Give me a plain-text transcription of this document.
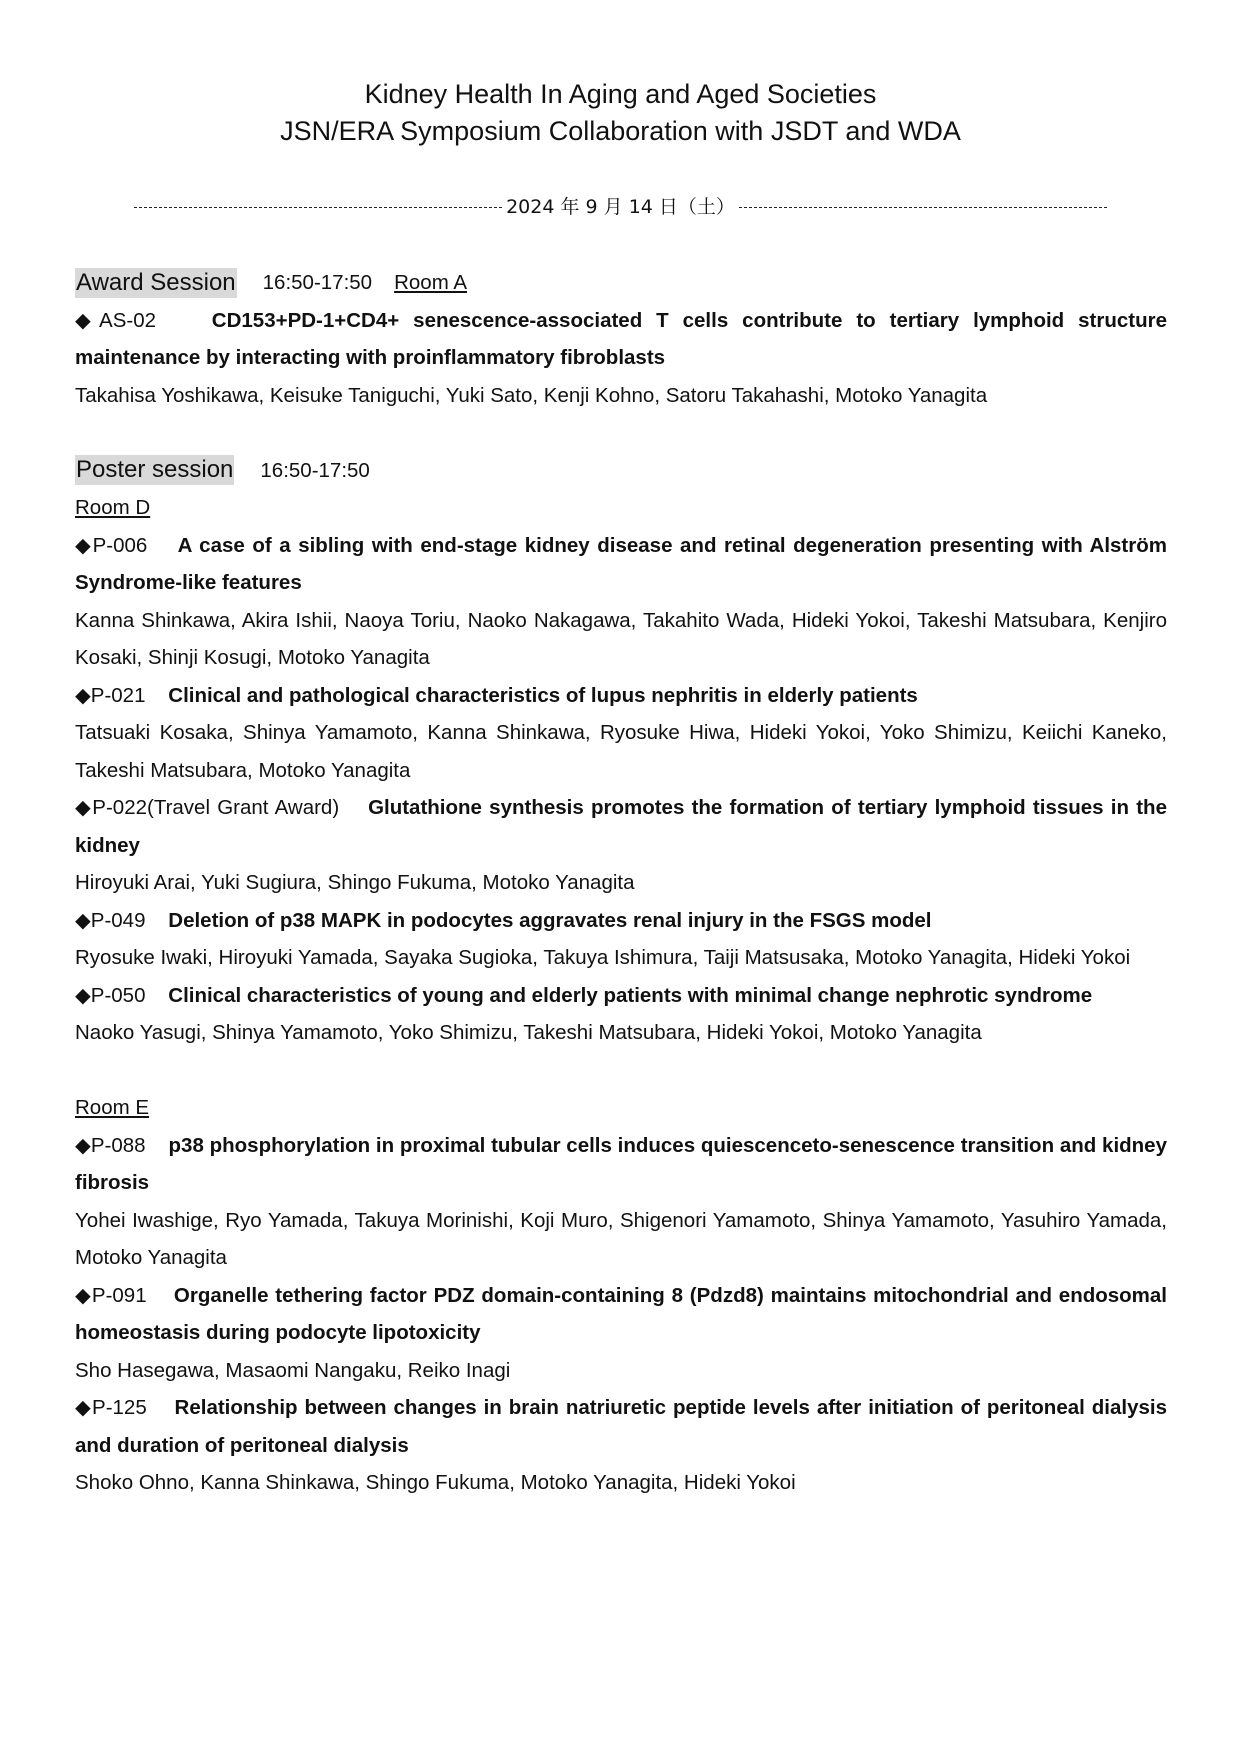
Kidney Health In Aging and Aged Societies
JSN/ERA Symposium Collaboration with JSDT and WDA
2024 年 9 月 14 日（土）
Award Session 16:50-17:50 Room A
◆AS-02	CD153+PD-1+CD4+ senescence-associated T cells contribute to tertiary lymphoid structure maintenance by interacting with proinflammatory fibroblasts
Takahisa Yoshikawa, Keisuke Taniguchi, Yuki Sato, Kenji Kohno, Satoru Takahashi, Motoko Yanagita
Poster session 16:50-17:50
Room D
◆P-006 A case of a sibling with end-stage kidney disease and retinal degeneration presenting with Alström Syndrome-like features
Kanna Shinkawa, Akira Ishii, Naoya Toriu, Naoko Nakagawa, Takahito Wada, Hideki Yokoi, Takeshi Matsubara, Kenjiro Kosaki, Shinji Kosugi, Motoko Yanagita
◆P-021 Clinical and pathological characteristics of lupus nephritis in elderly patients
Tatsuaki Kosaka, Shinya Yamamoto, Kanna Shinkawa, Ryosuke Hiwa, Hideki Yokoi, Yoko Shimizu, Keiichi Kaneko, Takeshi Matsubara, Motoko Yanagita
◆P-022(Travel Grant Award) Glutathione synthesis promotes the formation of tertiary lymphoid tissues in the kidney
Hiroyuki Arai, Yuki Sugiura, Shingo Fukuma, Motoko Yanagita
◆P-049 Deletion of p38 MAPK in podocytes aggravates renal injury in the FSGS model
Ryosuke Iwaki, Hiroyuki Yamada, Sayaka Sugioka, Takuya Ishimura, Taiji Matsusaka, Motoko Yanagita, Hideki Yokoi
◆P-050 Clinical characteristics of young and elderly patients with minimal change nephrotic syndrome
Naoko Yasugi, Shinya Yamamoto, Yoko Shimizu, Takeshi Matsubara, Hideki Yokoi, Motoko Yanagita
Room E
◆P-088 p38 phosphorylation in proximal tubular cells induces quiescenceto-senescence transition and kidney fibrosis
Yohei Iwashige, Ryo Yamada, Takuya Morinishi, Koji Muro, Shigenori Yamamoto, Shinya Yamamoto, Yasuhiro Yamada, Motoko Yanagita
◆P-091 Organelle tethering factor PDZ domain-containing 8 (Pdzd8) maintains mitochondrial and endosomal homeostasis during podocyte lipotoxicity
Sho Hasegawa, Masaomi Nangaku, Reiko Inagi
◆P-125 Relationship between changes in brain natriuretic peptide levels after initiation of peritoneal dialysis and duration of peritoneal dialysis
Shoko Ohno, Kanna Shinkawa, Shingo Fukuma, Motoko Yanagita, Hideki Yokoi
